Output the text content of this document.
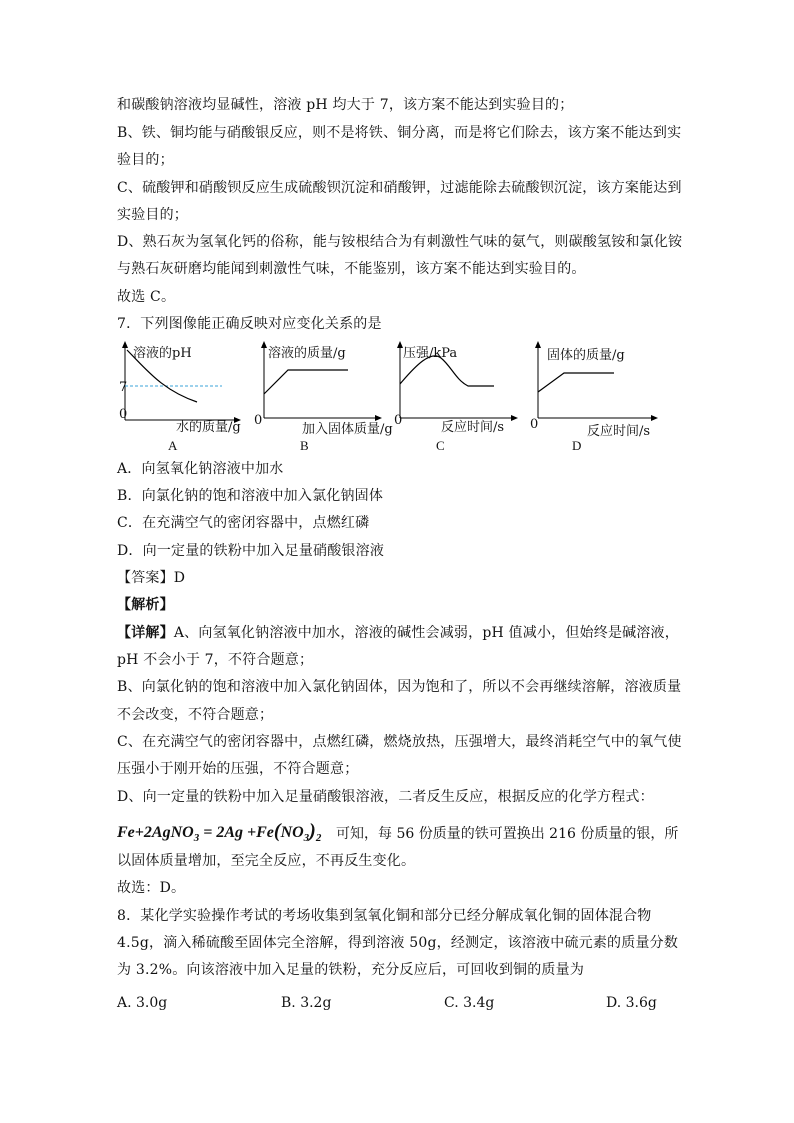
和碳酸钠溶液均显碱性，溶液 pH 均大于 7，该方案不能达到实验目的；
B、铁、铜均能与硝酸银反应，则不是将铁、铜分离，而是将它们除去，该方案不能达到实
验目的；
C、硫酸钾和硝酸钡反应生成硫酸钡沉淀和硝酸钾，过滤能除去硫酸钡沉淀，该方案能达到
实验目的；
D、熟石灰为氢氧化钙的俗称，能与铵根结合为有刺激性气味的氨气，则碳酸氢铵和氯化铵
与熟石灰研磨均能闻到刺激性气味，不能鉴别，该方案不能达到实验目的。
故选 C。
7．下列图像能正确反映对应变化关系的是
溶液的pH
7
0
水的质量/g
A
溶液的质量/g
0
加入固体质量/g
B
压强/kPa
0	反应时间/s
C
固体的质量/g
0	反应时间/s
D
A．向氢氧化钠溶液中加水
B．向氯化钠的饱和溶液中加入氯化钠固体
C．在充满空气的密闭容器中，点燃红磷
D．向一定量的铁粉中加入足量硝酸银溶液
【答案】D
【解析】
【详解】A、向氢氧化钠溶液中加水，溶液的碱性会减弱，pH 值减小，但始终是碱溶液，
pH 不会小于 7，不符合题意；
B、向氯化钠的饱和溶液中加入氯化钠固体，因为饱和了，所以不会再继续溶解，溶液质量
不会改变，不符合题意；
C、在充满空气的密闭容器中，点燃红磷，燃烧放热，压强增大，最终消耗空气中的氧气使
压强小于刚开始的压强，不符合题意；
D、向一定量的铁粉中加入足量硝酸银溶液，二者反生反应，根据反应的化学方程式：
Fe+2AgNO$_3$ = $2Ag +Fe(NO_3)_2$ 可知，每 56 份质量的铁可置换出 216 份质量的银，所
以固体质量增加，至完全反应，不再反生变化。
故选：D。
8．某化学实验操作考试的考场收集到氢氧化铜和部分已经分解成氧化铜的固体混合物
4.5g，滴入稀硫酸至固体完全溶解，得到溶液 50g，经测定，该溶液中硫元素的质量分数
为 3.2%。向该溶液中加入足量的铁粉，充分反应后，可回收到铜的质量为
A. 3.0g	B. 3.2g	C. 3.4g	D. 3.6g
